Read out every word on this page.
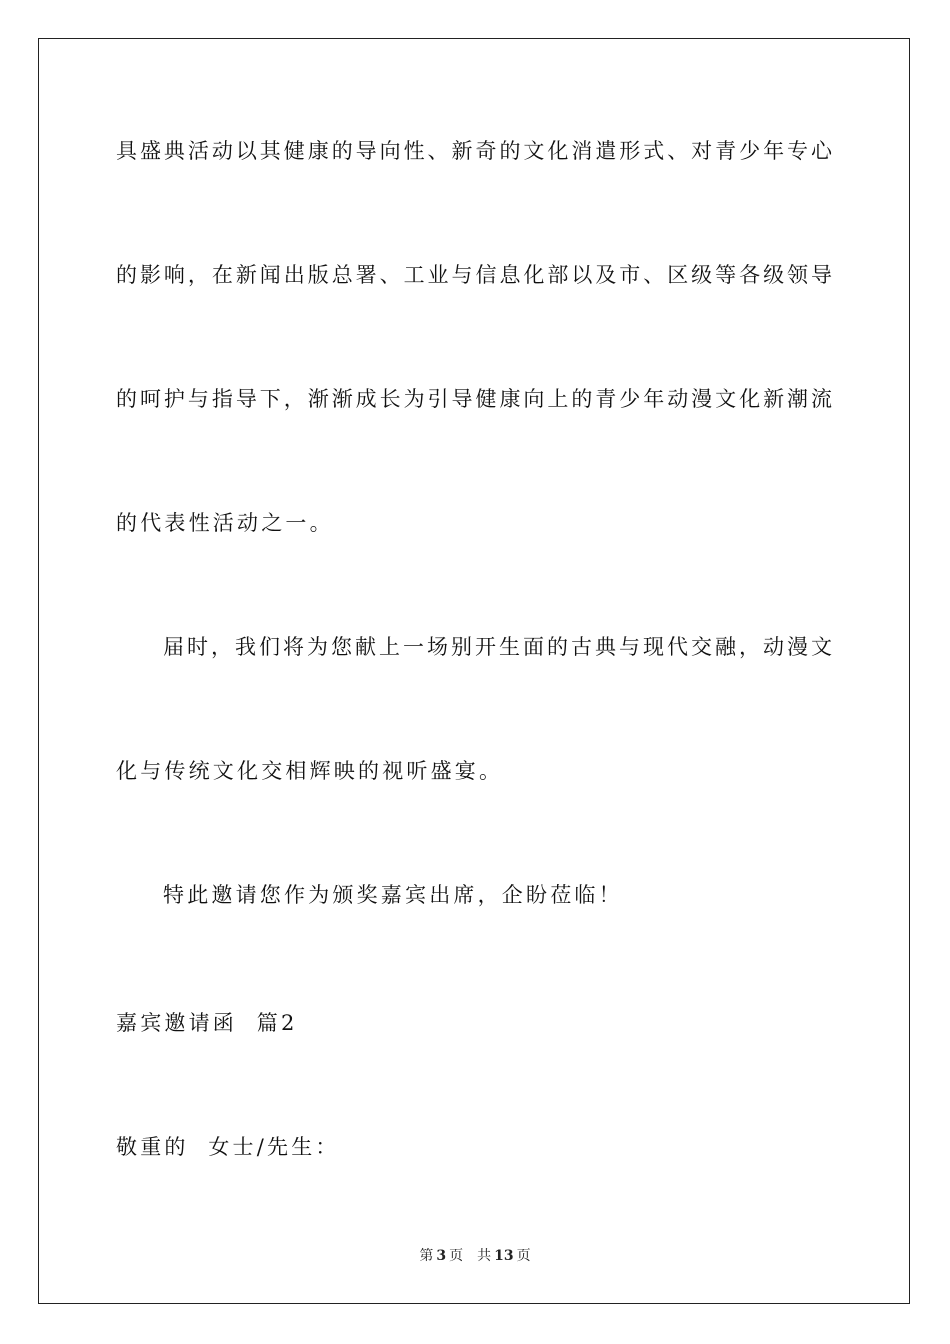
具盛典活动以其健康的导向性、新奇的文化消遣形式、对青少年专心
的影响，在新闻出版总署、工业与信息化部以及市、区级等各级领导
的呵护与指导下，渐渐成长为引导健康向上的青少年动漫文化新潮流
的代表性活动之一。
届时，我们将为您献上一场别开生面的古典与现代交融，动漫文
化与传统文化交相辉映的视听盛宴。
特此邀请您作为颁奖嘉宾出席，企盼莅临！
嘉宾邀请函  篇2
敬重的  女士/先生：
第 3 页 共 13 页
